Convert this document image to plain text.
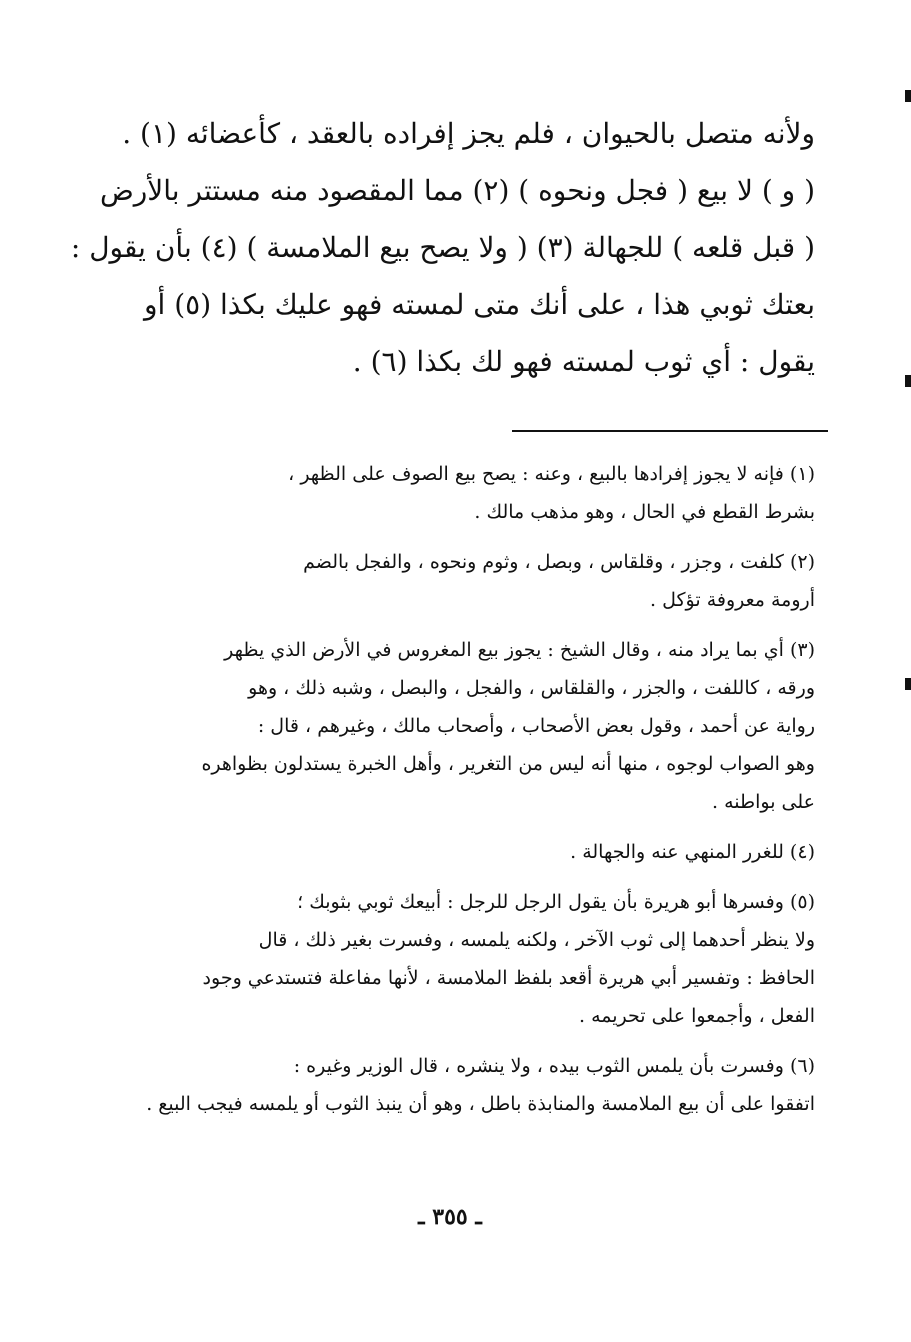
ولأنه متصل بالحيوان ، فلم يجز إفراده بالعقد ، كأعضائه (١) .
( و ) لا بيع ( فجل ونحوه ) (٢) مما المقصود منه مستتر بالأرض
( قبل قلعه ) للجهالة (٣) ( ولا يصح بيع الملامسة ) (٤) بأن يقول :
بعتك ثوبي هذا ، على أنك متى لمسته فهو عليك بكذا (٥) أو
يقول : أي ثوب لمسته فهو لك بكذا (٦) .
(١) فإنه لا يجوز إفرادها بالبيع ، وعنه : يصح بيع الصوف على الظهر ،
بشرط القطع في الحال ، وهو مذهب مالك .
(٢) كلفت ، وجزر ، وقلقاس ، وبصل ، وثوم ونحوه ، والفجل بالضم
أرومة معروفة تؤكل .
(٣) أي بما يراد منه ، وقال الشيخ : يجوز بيع المغروس في الأرض الذي يظهر
ورقه ، كاللفت ، والجزر ، والقلقاس ، والفجل ، والبصل ، وشبه ذلك ، وهو
رواية عن أحمد ، وقول بعض الأصحاب ، وأصحاب مالك ، وغيرهم ، قال :
وهو الصواب لوجوه ، منها أنه ليس من التغرير ، وأهل الخبرة يستدلون بظواهره
على بواطنه .
(٤) للغرر المنهي عنه والجهالة .
(٥) وفسرها أبو هريرة بأن يقول الرجل للرجل : أبيعك ثوبي بثوبك ؛
ولا ينظر أحدهما إلى ثوب الآخر ، ولكنه يلمسه ، وفسرت بغير ذلك ، قال
الحافظ : وتفسير أبي هريرة أقعد بلفظ الملامسة ، لأنها مفاعلة فتستدعي وجود
الفعل ، وأجمعوا على تحريمه .
(٦) وفسرت بأن يلمس الثوب بيده ، ولا ينشره ، قال الوزير وغيره :
اتفقوا على أن بيع الملامسة والمنابذة باطل ، وهو أن ينبذ الثوب أو يلمسه فيجب البيع .
ـ ٣٥٥ ـ
